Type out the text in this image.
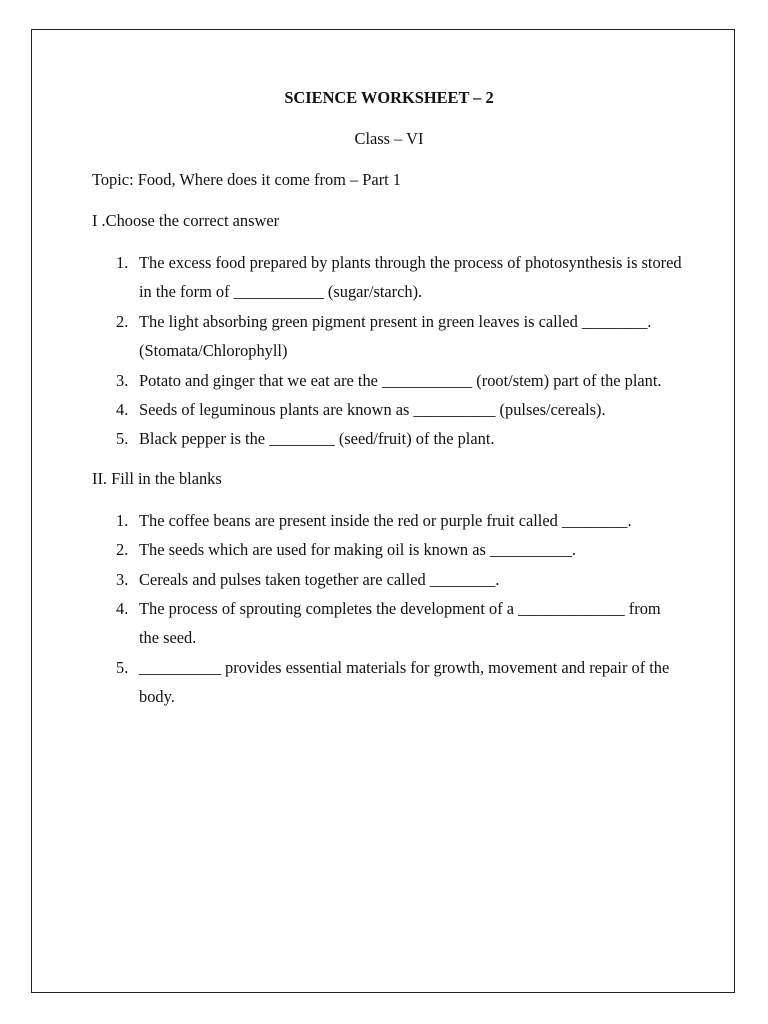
SCIENCE WORKSHEET – 2
Class – VI
Topic: Food, Where does it come from – Part 1
I .Choose the correct answer
1. The excess food prepared by plants through the process of photosynthesis is stored in the form of ___________ (sugar/starch).
2. The light absorbing green pigment present in green leaves is called ________. (Stomata/Chlorophyll)
3. Potato and ginger that we eat are the ___________ (root/stem) part of the plant.
4. Seeds of leguminous plants are known as __________ (pulses/cereals).
5. Black pepper is the ________ (seed/fruit) of the plant.
II. Fill in the blanks
1. The coffee beans are present inside the red or purple fruit called ________.
2. The seeds which are used for making oil is known as __________.
3. Cereals and pulses taken together are called ________.
4. The process of sprouting completes the development of a _____________ from the seed.
5. __________ provides essential materials for growth, movement and repair of the body.
